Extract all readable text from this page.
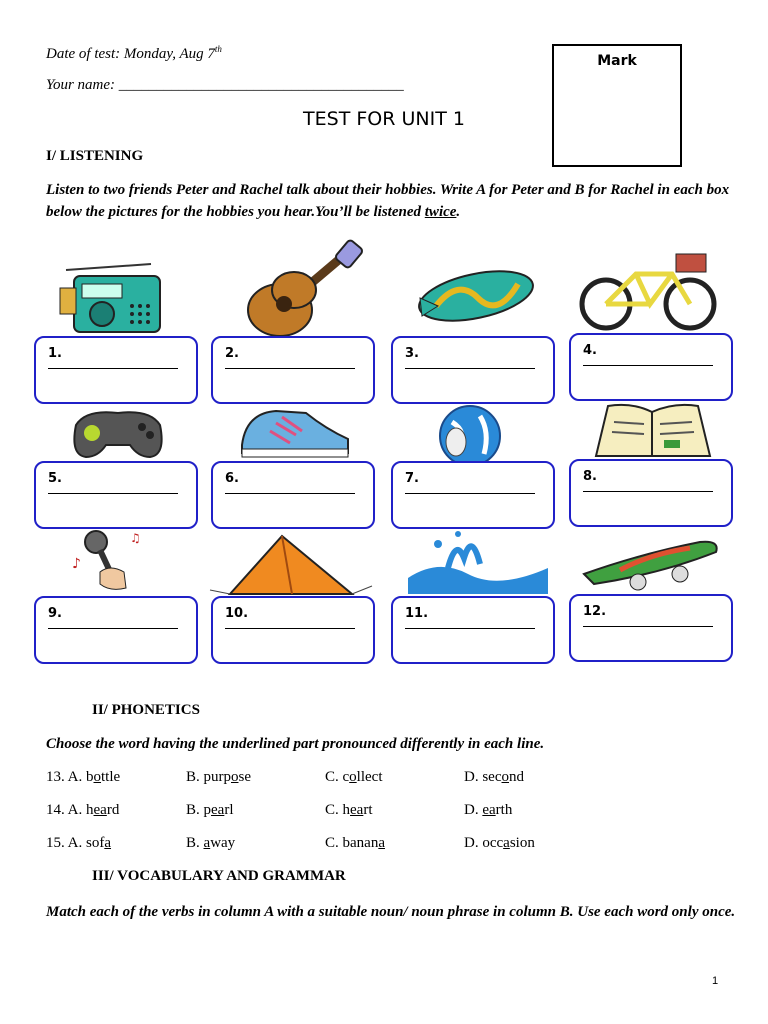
Date of test: Monday, Aug 7th
Your name: ______________________________________
Mark
TEST FOR UNIT 1
I/ LISTENING
Listen to two friends Peter and Rachel talk about their hobbies. Write A for Peter and B for Rachel in each box below the pictures for the hobbies you hear.You’ll be listened twice.
1.	2.	3.	4.
5.	6.	7.	8.
♪
♫
9.	10.	11.	12.
II/ PHONETICS
Choose the word having the underlined part pronounced differently in each line.
13. A. bottle	B. purpose	C. collect	D. second
14. A. heard	B. pearl	C. heart	D. earth
15. A. sofa	B. away	C. banana	D. occasion
III/ VOCABULARY AND GRAMMAR
Match each of the verbs in column A with a suitable noun/ noun phrase in column B. Use each word only once.
1
